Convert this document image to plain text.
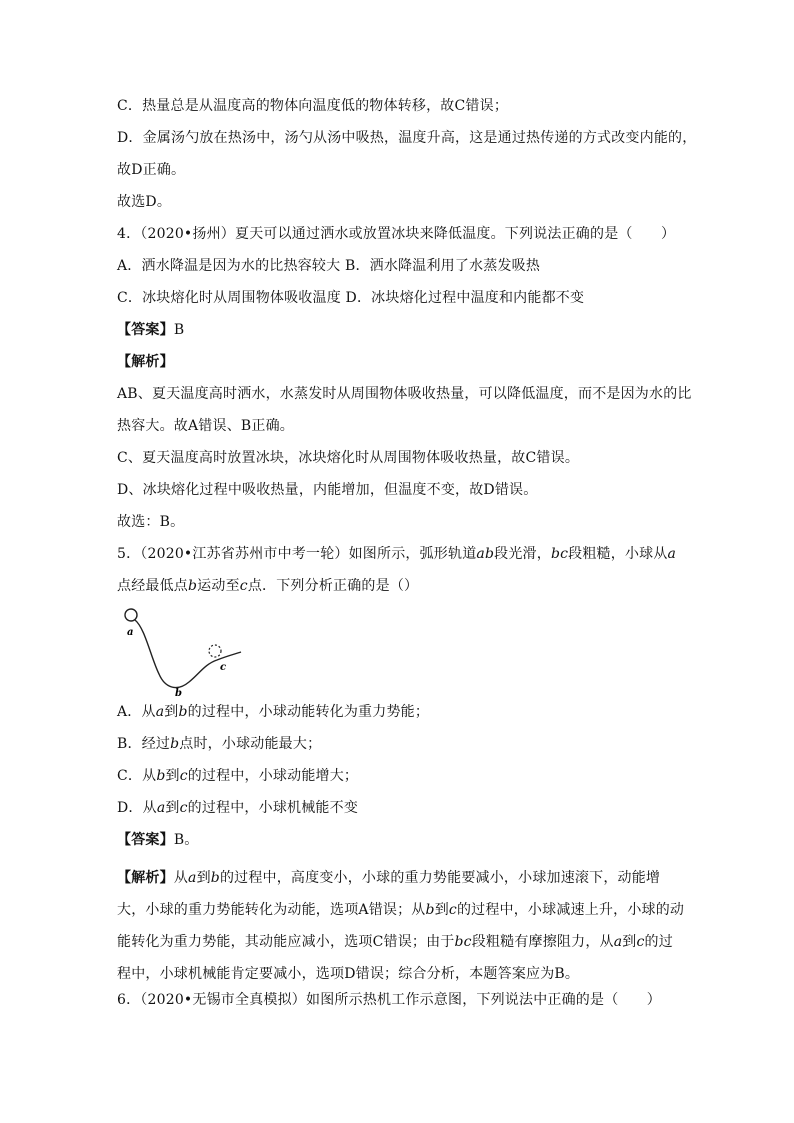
C．热量总是从温度高的物体向温度低的物体转移，故C错误；
D．金属汤勺放在热汤中，汤勺从汤中吸热，温度升高，这是通过热传递的方式改变内能的，
故D正确。
故选D。
4．（2020•扬州）夏天可以通过洒水或放置冰块来降低温度。下列说法正确的是（　　）
A．洒水降温是因为水的比热容较大 B．洒水降温利用了水蒸发吸热
C．冰块熔化时从周围物体吸收温度 D．冰块熔化过程中温度和内能都不变
【答案】B
【解析】
AB、夏天温度高时洒水，水蒸发时从周围物体吸收热量，可以降低温度，而不是因为水的比
热容大。故A错误、B正确。
C、夏天温度高时放置冰块，冰块熔化时从周围物体吸收热量，故C错误。
D、冰块熔化过程中吸收热量，内能增加，但温度不变，故D错误。
故选：B。
5．（2020•江苏省苏州市中考一轮）如图所示，弧形轨道ab段光滑，bc段粗糙，小球从a
点经最低点b运动至c点．下列分析正确的是（）
a
b
c
A．从a到b的过程中，小球动能转化为重力势能；
B．经过b点时，小球动能最大；
C．从b到c的过程中，小球动能增大；
D．从a到c的过程中，小球机械能不变
【答案】B。
【解析】从a到b的过程中，高度变小，小球的重力势能要减小，小球加速滚下，动能增大，小球的重力势能转化为动能，选项A错误；从b到c的过程中，小球减速上升，小球的动能转化为重力势能，其动能应减小，选项C错误；由于bc段粗糙有摩擦阻力，从a到c的过程中，小球机械能肯定要减小，选项D错误；综合分析，本题答案应为B。
6．（2020•无锡市全真模拟）如图所示热机工作示意图，下列说法中正确的是（　　）
